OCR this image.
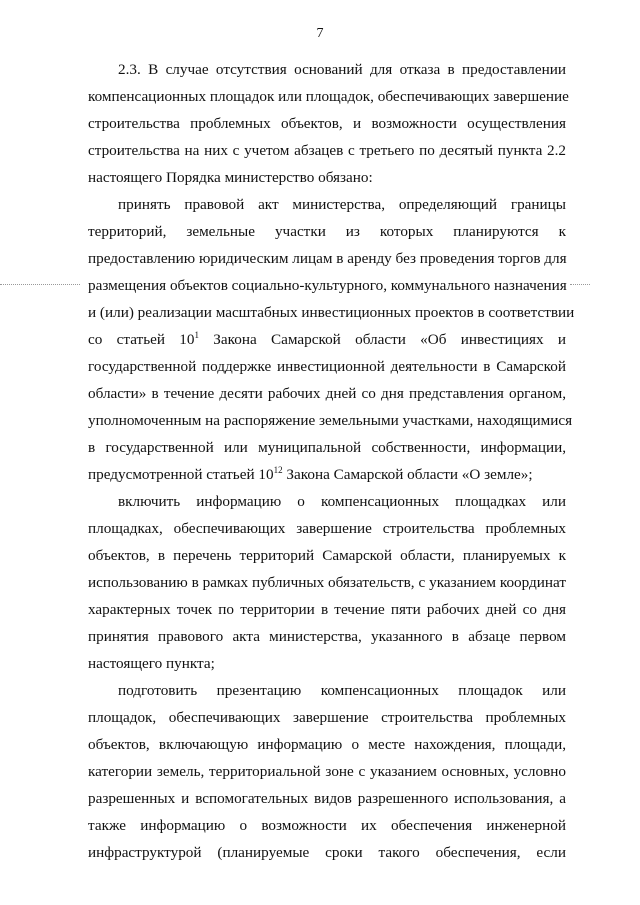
7
2.3. В случае отсутствия оснований для отказа в предоставлении
компенсационных площадок или площадок, обеспечивающих завершение
строительства проблемных объектов, и возможности осуществления
строительства на них с учетом абзацев с третьего по десятый пункта 2.2
настоящего Порядка министерство обязано:
принять правовой акт министерства, определяющий границы
территорий, земельные участки из которых планируются к
предоставлению юридическим лицам в аренду без проведения торгов для
размещения объектов социально-культурного, коммунального назначения
и (или) реализации масштабных инвестиционных проектов в соответствии
со статьей $10^1$ Закона Самарской области «Об инвестициях и
государственной поддержке инвестиционной деятельности в Самарской
области» в течение десяти рабочих дней со дня представления органом,
уполномоченным на распоряжение земельными участками, находящимися
в государственной или муниципальной собственности, информации,
предусмотренной статьей $10^{12}$ Закона Самарской области «О земле»;
включить информацию о компенсационных площадках или
площадках, обеспечивающих завершение строительства проблемных
объектов, в перечень территорий Самарской области, планируемых к
использованию в рамках публичных обязательств, с указанием координат
характерных точек по территории в течение пяти рабочих дней со дня
принятия правового акта министерства, указанного в абзаце первом
настоящего пункта;
подготовить презентацию компенсационных площадок или
площадок, обеспечивающих завершение строительства проблемных
объектов, включающую информацию о месте нахождения, площади,
категории земель, территориальной зоне с указанием основных, условно
разрешенных и вспомогательных видов разрешенного использования, а
также информацию о возможности их обеспечения инженерной
инфраструктурой (планируемые сроки такого обеспечения, если
